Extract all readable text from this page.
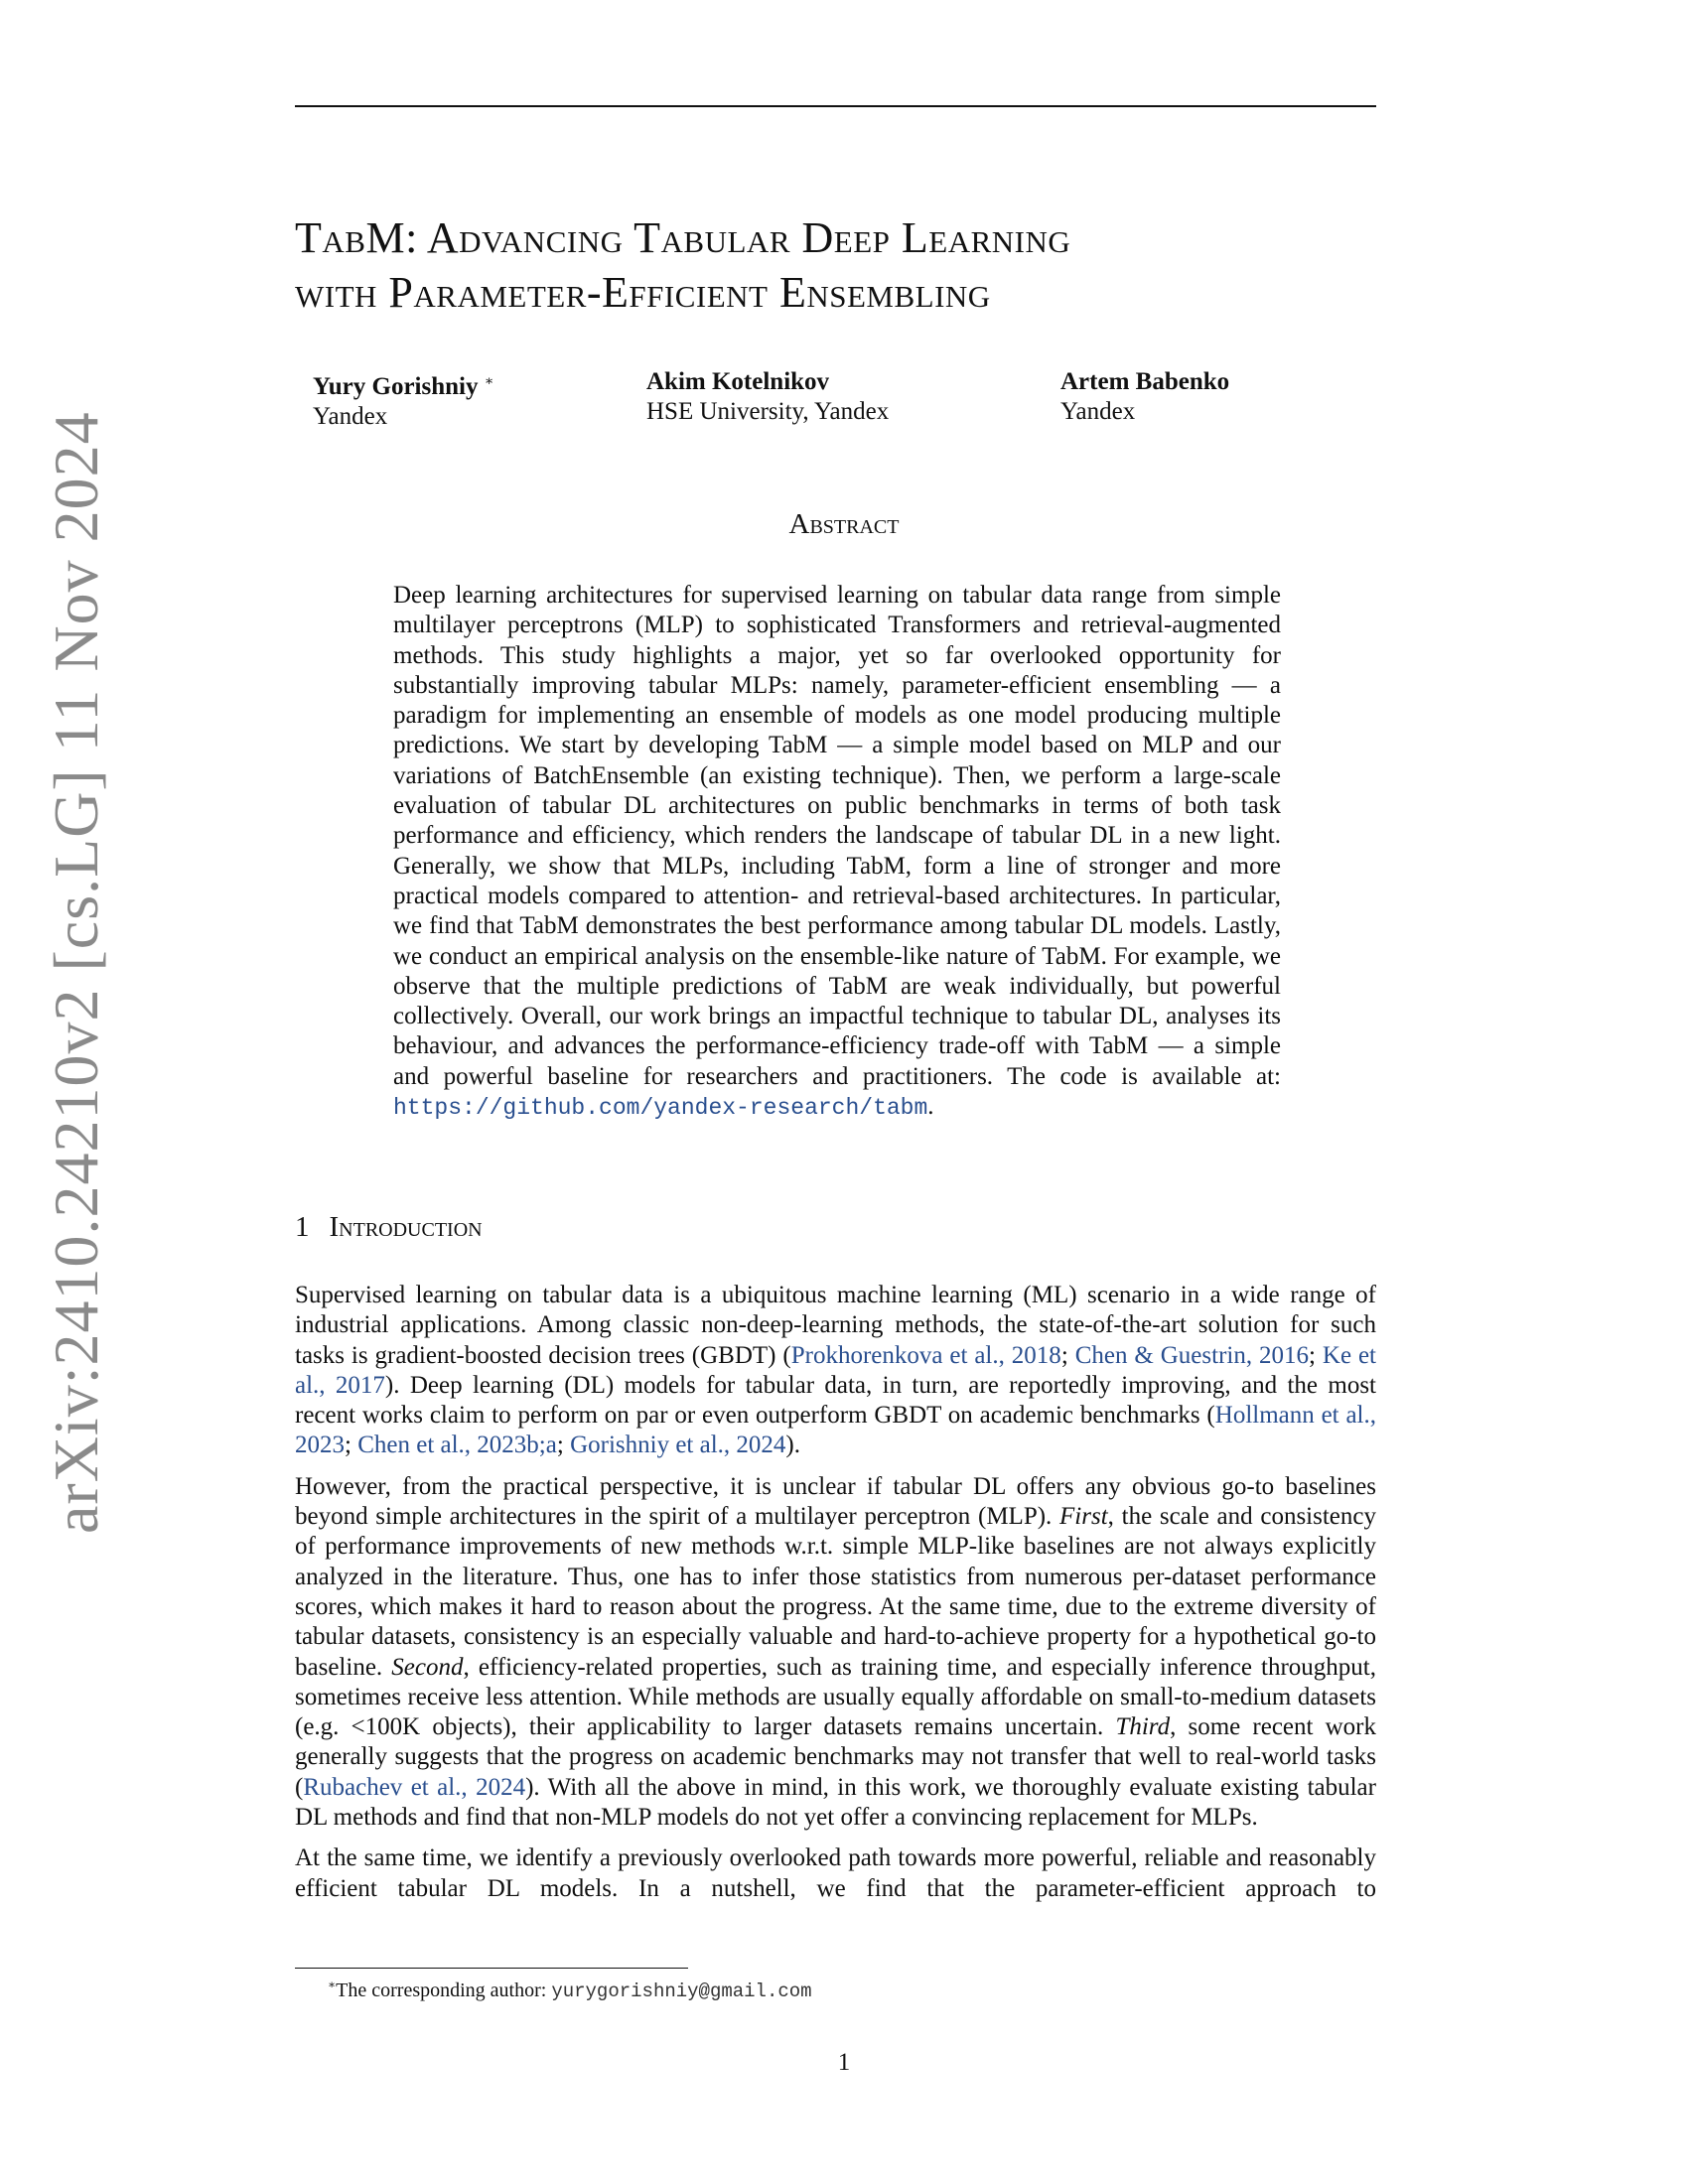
arXiv:2410.24210v2 [cs.LG] 11 Nov 2024
TabM: Advancing Tabular Deep Learning
with Parameter-Efficient Ensembling
Yury Gorishniy ∗
Yandex
Akim Kotelnikov
HSE University, Yandex
Artem Babenko
Yandex
Abstract
Deep learning architectures for supervised learning on tabular data range from simple multilayer perceptrons (MLP) to sophisticated Transformers and retrieval-augmented methods. This study highlights a major, yet so far overlooked opportunity for substantially improving tabular MLPs: namely, parameter-efficient ensembling — a paradigm for implementing an ensemble of models as one model producing multiple predictions. We start by developing TabM — a simple model based on MLP and our variations of BatchEnsemble (an existing technique). Then, we perform a large-scale evaluation of tabular DL architectures on public benchmarks in terms of both task performance and efficiency, which renders the landscape of tabular DL in a new light. Generally, we show that MLPs, including TabM, form a line of stronger and more practical models compared to attention- and retrieval-based architectures. In particular, we find that TabM demonstrates the best performance among tabular DL models. Lastly, we conduct an empirical analysis on the ensemble-like nature of TabM. For example, we observe that the multiple predictions of TabM are weak individually, but powerful collectively. Overall, our work brings an impactful technique to tabular DL, analyses its behaviour, and advances the performance-efficiency trade-off with TabM — a simple and powerful baseline for researchers and practitioners. The code is available at: https://github.com/yandex-research/tabm.
1 Introduction

Supervised learning on tabular data is a ubiquitous machine learning (ML) scenario in a wide range of industrial applications. Among classic non-deep-learning methods, the state-of-the-art solution for such tasks is gradient-boosted decision trees (GBDT) (Prokhorenkova et al., 2018; Chen & Guestrin, 2016; Ke et al., 2017). Deep learning (DL) models for tabular data, in turn, are reportedly improving, and the most recent works claim to perform on par or even outperform GBDT on academic benchmarks (Hollmann et al., 2023; Chen et al., 2023b;a; Gorishniy et al., 2024).

However, from the practical perspective, it is unclear if tabular DL offers any obvious go-to baselines beyond simple architectures in the spirit of a multilayer perceptron (MLP). First, the scale and consistency of performance improvements of new methods w.r.t. simple MLP-like baselines are not always explicitly analyzed in the literature. Thus, one has to infer those statistics from numerous per-dataset performance scores, which makes it hard to reason about the progress. At the same time, due to the extreme diversity of tabular datasets, consistency is an especially valuable and hard-to-achieve property for a hypothetical go-to baseline. Second, efficiency-related properties, such as training time, and especially inference throughput, sometimes receive less attention. While methods are usually equally affordable on small-to-medium datasets (e.g. <100K objects), their applicability to larger datasets remains uncertain. Third, some recent work generally suggests that the progress on academic benchmarks may not transfer that well to real-world tasks (Rubachev et al., 2024). With all the above in mind, in this work, we thoroughly evaluate existing tabular DL methods and find that non-MLP models do not yet offer a convincing replacement for MLPs.

At the same time, we identify a previously overlooked path towards more powerful, reliable and reasonably efficient tabular DL models. In a nutshell, we find that the parameter-efficient approach to

∗The corresponding author: yurygorishniy@gmail.com
1
